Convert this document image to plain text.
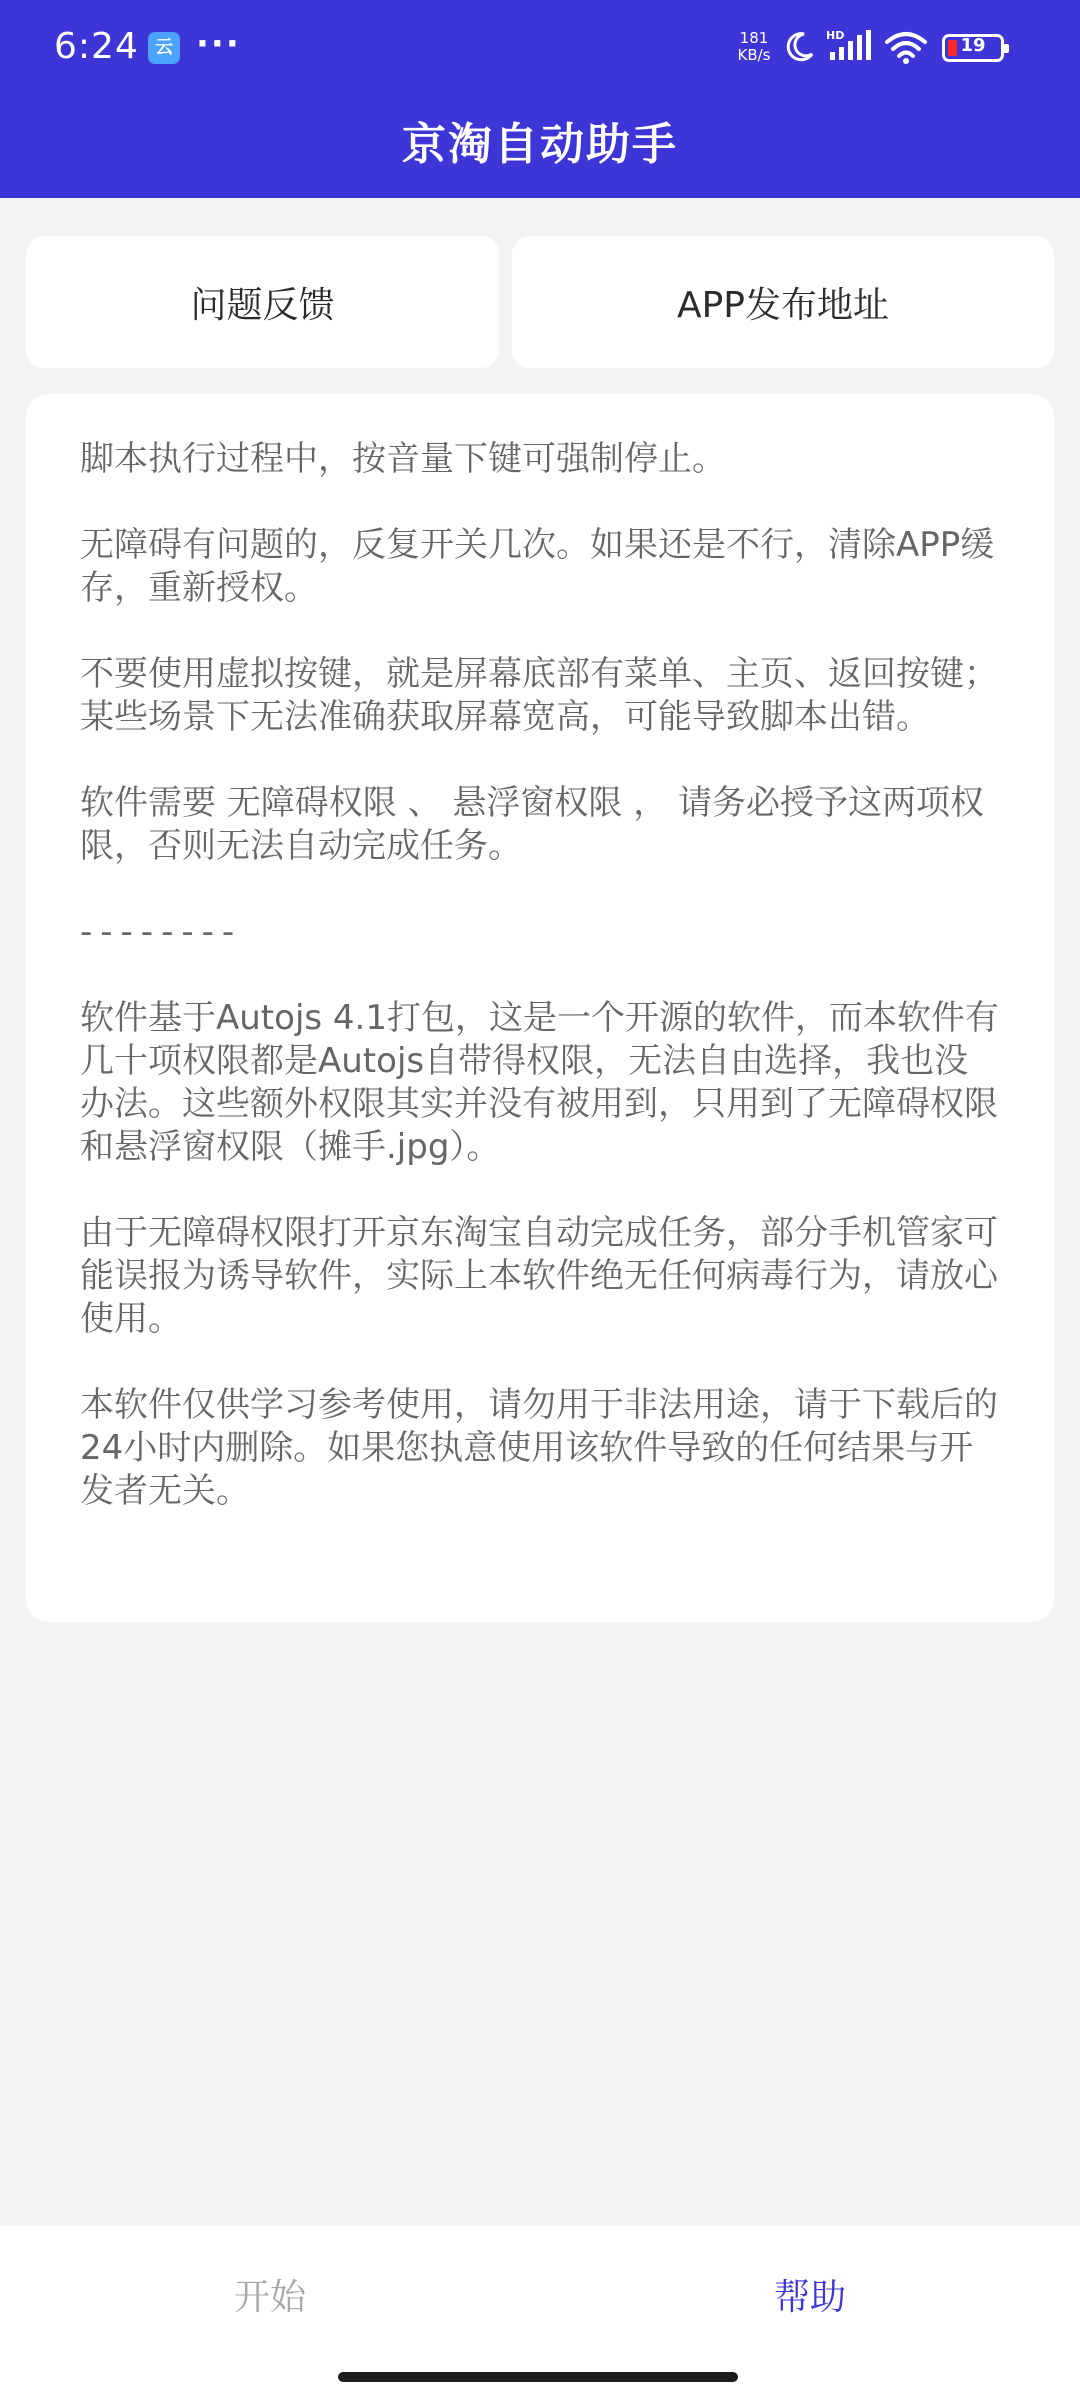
6:24 云 ···	181
KB/s
HD	19
京淘自动助手
问题反馈	APP发布地址
脚本执行过程中，按音量下键可强制停止。
无障碍有问题的，反复开关几次。如果还是不行，清除APP缓存，重新授权。
不要使用虚拟按键，就是屏幕底部有菜单、主页、返回按键；某些场景下无法准确获取屏幕宽高，可能导致脚本出错。
软件需要 无障碍权限 、 悬浮窗权限 ， 请务必授予这两项权限，否则无法自动完成任务。
--------
软件基于Autojs 4.1打包，这是一个开源的软件，而本软件有几十项权限都是Autojs自带得权限，无法自由选择，我也没办法。这些额外权限其实并没有被用到，只用到了无障碍权限和悬浮窗权限（摊手.jpg）。
由于无障碍权限打开京东淘宝自动完成任务，部分手机管家可能误报为诱导软件，实际上本软件绝无任何病毒行为，请放心使用。
本软件仅供学习参考使用，请勿用于非法用途，请于下载后的24小时内删除。如果您执意使用该软件导致的任何结果与开发者无关。
开始	帮助
